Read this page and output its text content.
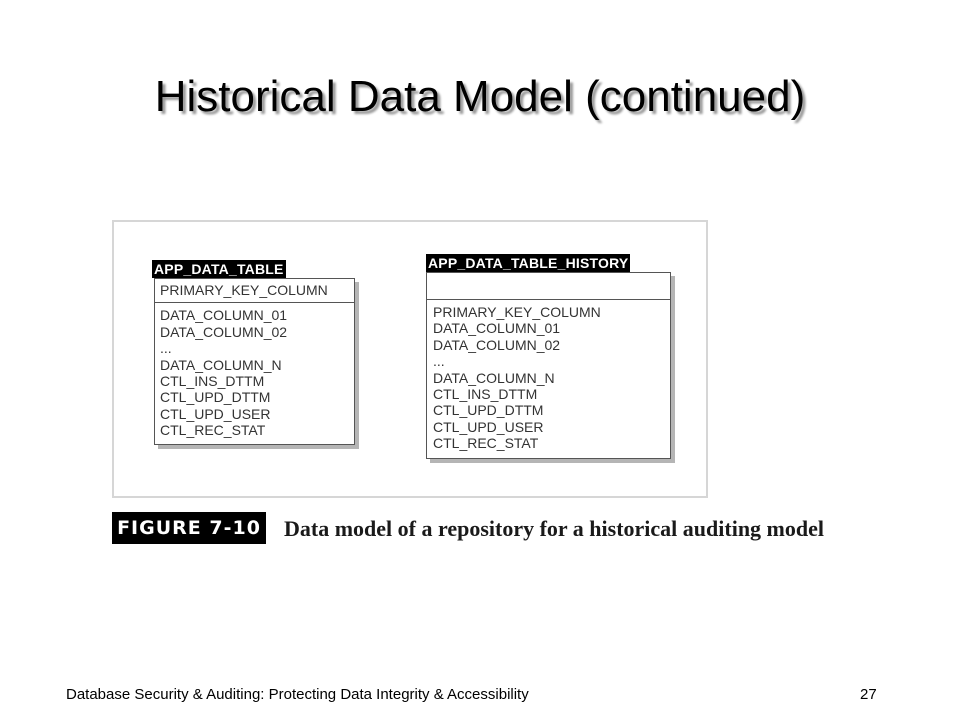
Historical Data Model (continued)
APP_DATA_TABLE
PRIMARY_KEY_COLUMN
DATA_COLUMN_01
DATA_COLUMN_02
...
DATA_COLUMN_N
CTL_INS_DTTM
CTL_UPD_DTTM
CTL_UPD_USER
CTL_REC_STAT
APP_DATA_TABLE_HISTORY
PRIMARY_KEY_COLUMN
DATA_COLUMN_01
DATA_COLUMN_02
...
DATA_COLUMN_N
CTL_INS_DTTM
CTL_UPD_DTTM
CTL_UPD_USER
CTL_REC_STAT
FIGURE 7-10 Data model of a repository for a historical auditing model
Database Security & Auditing: Protecting Data Integrity & Accessibility	27
